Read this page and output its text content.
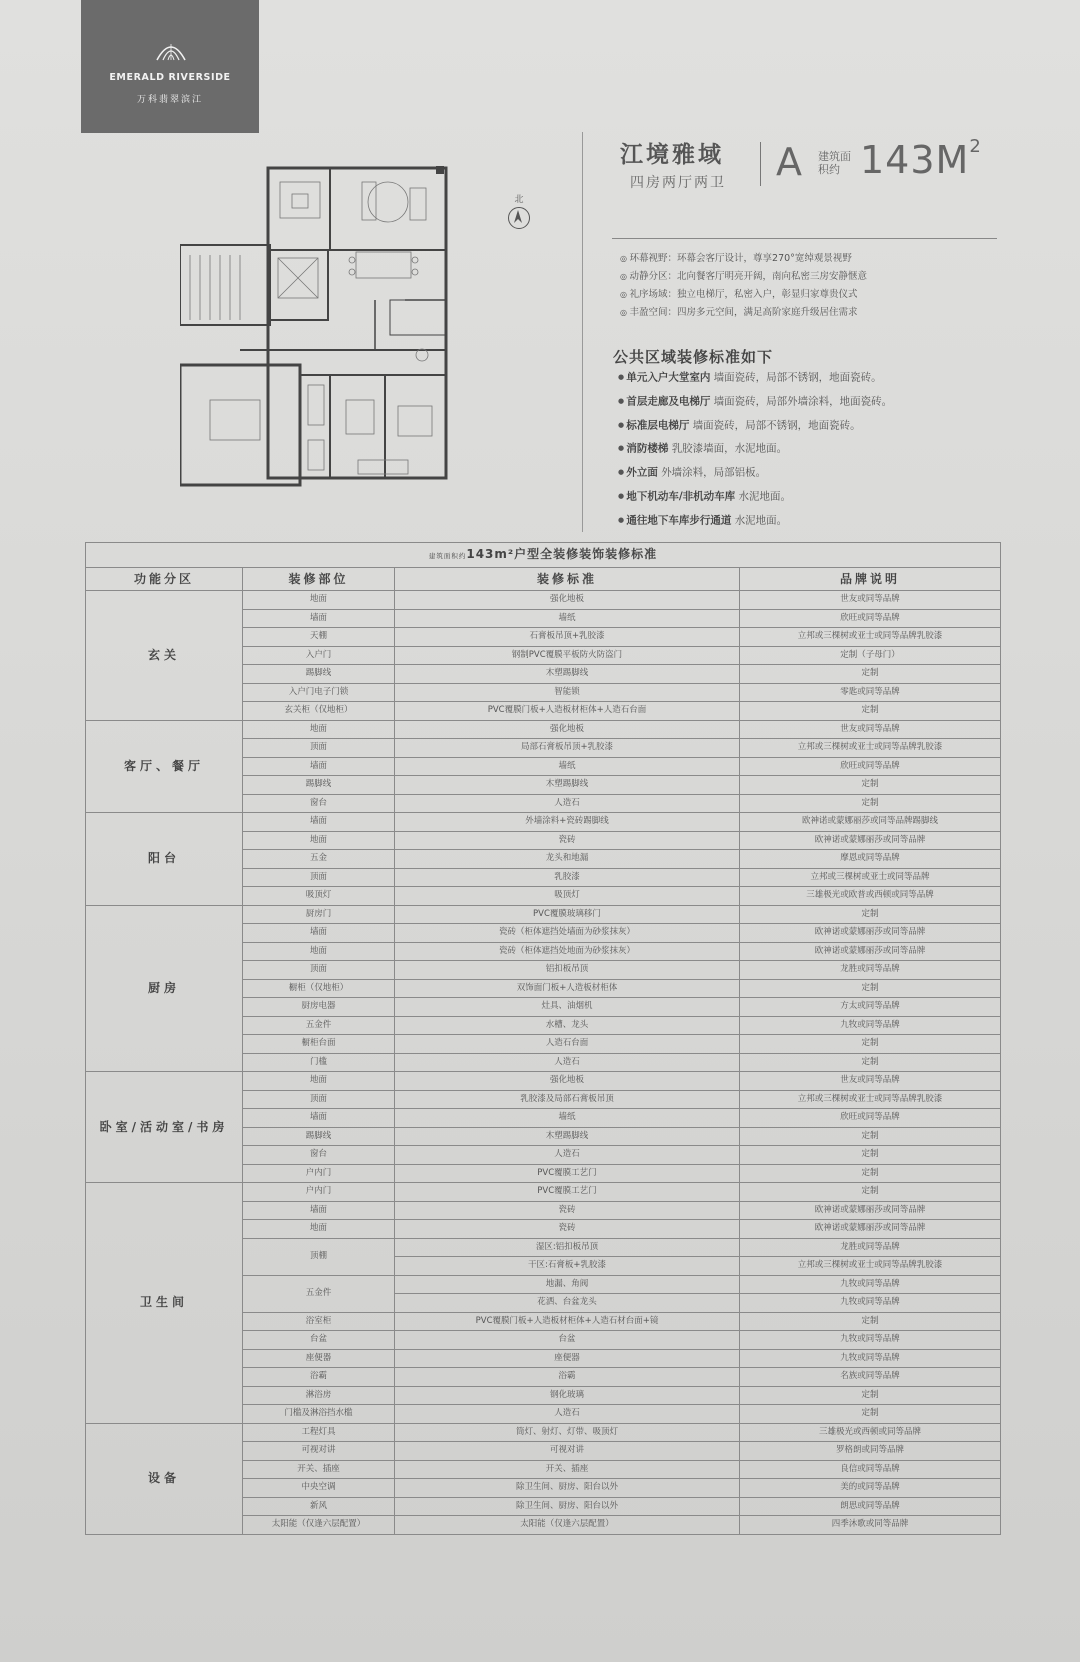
EMERALD RIVERSIDE
万科翡翠滨江
北
江境雅域
四房两厅两卫 A 建筑面积约 $143M^2$
◎ 环幕视野：环幕会客厅设计，尊享270°宽绰观景视野
◎ 动静分区：北向餐客厅明亮开阔，南向私密三房安静惬意
◎ 礼序场域：独立电梯厅，私密入户，彰显归家尊贵仪式
◎ 丰盈空间：四房多元空间，满足高阶家庭升级居住需求
公共区域装修标准如下
● 单元入户大堂室内 墙面瓷砖，局部不锈钢，地面瓷砖。
● 首层走廊及电梯厅 墙面瓷砖，局部外墙涂料，地面瓷砖。
● 标准层电梯厅 墙面瓷砖，局部不锈钢，地面瓷砖。
● 消防楼梯 乳胶漆墙面，水泥地面。
● 外立面 外墙涂料，局部铝板。
● 地下机动车/非机动车库 水泥地面。
● 通往地下车库步行通道 水泥地面。
建筑面积约143m²户型全装修装饰装修标准			
功能分区	装修部位	装修标准	品牌说明
玄关	地面	强化地板	世友或同等品牌
	墙面	墙纸	欣旺或同等品牌
	天棚	石膏板吊顶+乳胶漆	立邦或三棵树或亚士或同等品牌乳胶漆
	入户门	钢制PVC覆膜平板防火防盗门	定制（子母门）
	踢脚线	木塑踢脚线	定制
	入户门电子门锁	智能锁	零匙或同等品牌
	玄关柜（仅地柜）	PVC覆膜门板+人造板材柜体+人造石台面	定制
客厅、餐厅	地面	强化地板	世友或同等品牌
	顶面	局部石膏板吊顶+乳胶漆	立邦或三棵树或亚士或同等品牌乳胶漆
	墙面	墙纸	欣旺或同等品牌
	踢脚线	木塑踢脚线	定制
	窗台	人造石	定制
阳台	墙面	外墙涂料+瓷砖踢脚线	欧神诺或蒙娜丽莎或同等品牌踢脚线
	地面	瓷砖	欧神诺或蒙娜丽莎或同等品牌
	五金	龙头和地漏	摩恩或同等品牌
	顶面	乳胶漆	立邦或三棵树或亚士或同等品牌
	吸顶灯	吸顶灯	三雄极光或欧普或西顿或同等品牌
厨房	厨房门	PVC覆膜玻璃移门	定制
	墙面	瓷砖（柜体遮挡处墙面为砂浆抹灰）	欧神诺或蒙娜丽莎或同等品牌
	地面	瓷砖（柜体遮挡处地面为砂浆抹灰）	欧神诺或蒙娜丽莎或同等品牌
	顶面	铝扣板吊顶	龙胜或同等品牌
	橱柜（仅地柜）	双饰面门板+人造板材柜体	定制
	厨房电器	灶具、油烟机	方太或同等品牌
	五金件	水槽、龙头	九牧或同等品牌
	橱柜台面	人造石台面	定制
	门槛	人造石	定制
卧室/活动室/书房	地面	强化地板	世友或同等品牌
	顶面	乳胶漆及局部石膏板吊顶	立邦或三棵树或亚士或同等品牌乳胶漆
	墙面	墙纸	欣旺或同等品牌
	踢脚线	木塑踢脚线	定制
	窗台	人造石	定制
	户内门	PVC覆膜工艺门	定制
卫生间	户内门	PVC覆膜工艺门	定制
	墙面	瓷砖	欧神诺或蒙娜丽莎或同等品牌
	地面	瓷砖	欧神诺或蒙娜丽莎或同等品牌
	顶棚	湿区:铝扣板吊顶	龙胜或同等品牌
		干区:石膏板+乳胶漆	立邦或三棵树或亚士或同等品牌乳胶漆
	五金件	地漏、角阀	九牧或同等品牌
		花洒、台盆龙头	九牧或同等品牌
	浴室柜	PVC覆膜门板+人造板材柜体+人造石材台面+镜	定制
	台盆	台盆	九牧或同等品牌
	座便器	座便器	九牧或同等品牌
	浴霸	浴霸	名族或同等品牌
	淋浴房	钢化玻璃	定制
	门槛及淋浴挡水槛	人造石	定制
设备	工程灯具	筒灯、射灯、灯带、吸顶灯	三雄极光或西顿或同等品牌
	可视对讲	可视对讲	罗格朗或同等品牌
	开关、插座	开关、插座	良信或同等品牌
	中央空调	除卫生间、厨房、阳台以外	美的或同等品牌
	新风	除卫生间、厨房、阳台以外	朗思或同等品牌
	太阳能（仅逢六层配置）	太阳能（仅逢六层配置）	四季沐歌或同等品牌
